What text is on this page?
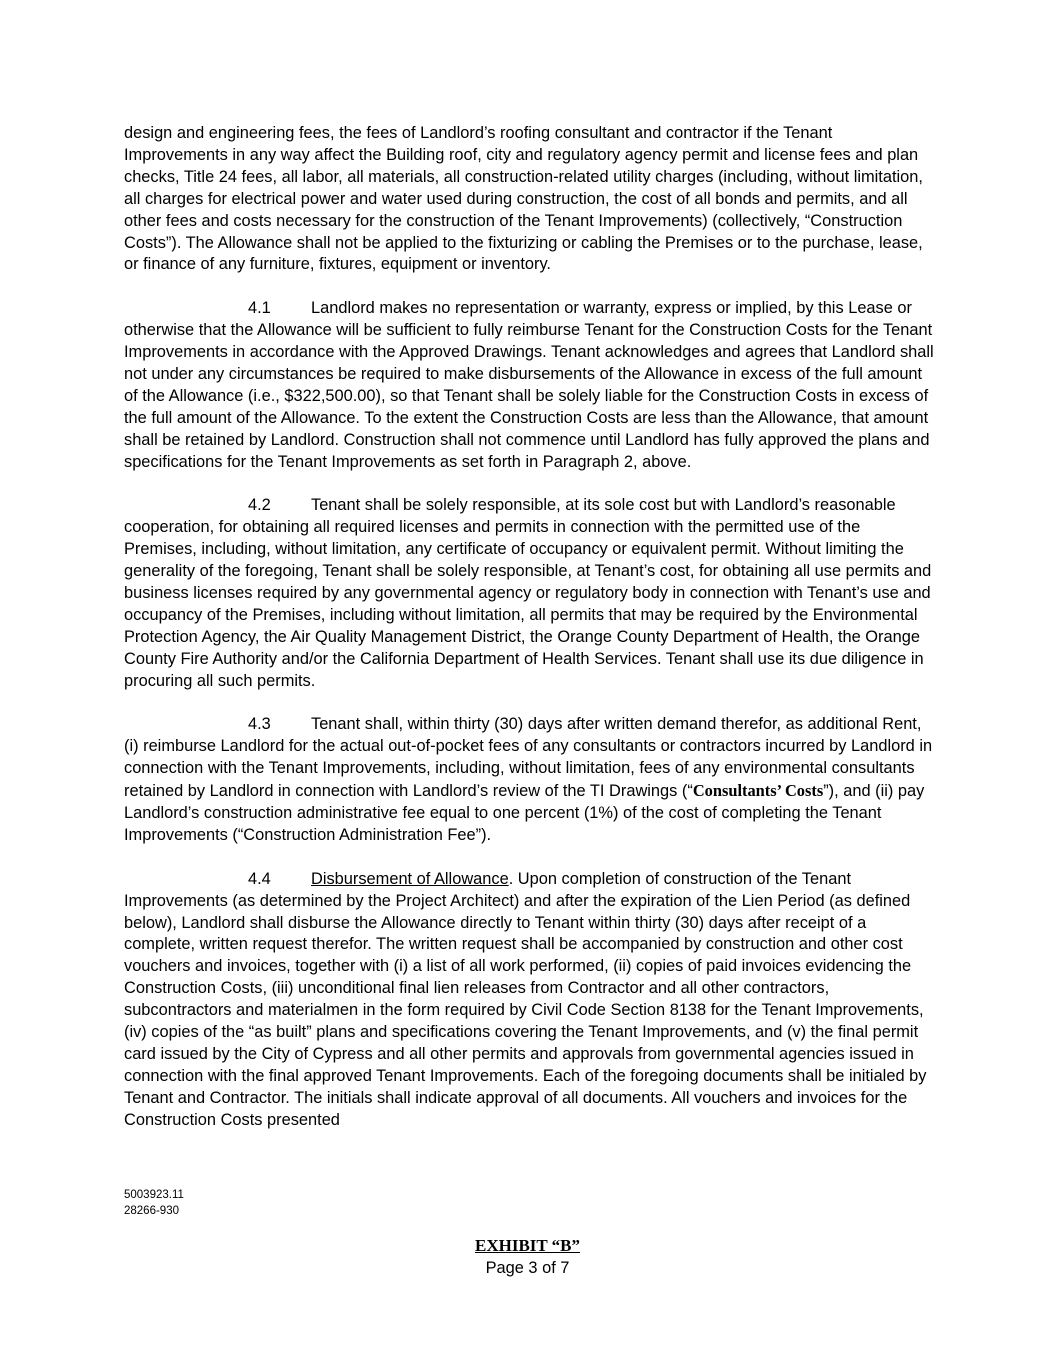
design and engineering fees, the fees of Landlord’s roofing consultant and contractor if the Tenant Improvements in any way affect the Building roof, city and regulatory agency permit and license fees and plan checks, Title 24 fees, all labor, all materials, all construction-related utility charges (including, without limitation, all charges for electrical power and water used during construction, the cost of all bonds and permits, and all other fees and costs necessary for the construction of the Tenant Improvements) (collectively, “Construction Costs”). The Allowance shall not be applied to the fixturizing or cabling the Premises or to the purchase, lease, or finance of any furniture, fixtures, equipment or inventory.

4.1 Landlord makes no representation or warranty, express or implied, by this Lease or otherwise that the Allowance will be sufficient to fully reimburse Tenant for the Construction Costs for the Tenant Improvements in accordance with the Approved Drawings. Tenant acknowledges and agrees that Landlord shall not under any circumstances be required to make disbursements of the Allowance in excess of the full amount of the Allowance (i.e., $322,500.00), so that Tenant shall be solely liable for the Construction Costs in excess of the full amount of the Allowance. To the extent the Construction Costs are less than the Allowance, that amount shall be retained by Landlord. Construction shall not commence until Landlord has fully approved the plans and specifications for the Tenant Improvements as set forth in Paragraph 2, above.

4.2 Tenant shall be solely responsible, at its sole cost but with Landlord’s reasonable cooperation, for obtaining all required licenses and permits in connection with the permitted use of the Premises, including, without limitation, any certificate of occupancy or equivalent permit. Without limiting the generality of the foregoing, Tenant shall be solely responsible, at Tenant’s cost, for obtaining all use permits and business licenses required by any governmental agency or regulatory body in connection with Tenant’s use and occupancy of the Premises, including without limitation, all permits that may be required by the Environmental Protection Agency, the Air Quality Management District, the Orange County Department of Health, the Orange County Fire Authority and/or the California Department of Health Services. Tenant shall use its due diligence in procuring all such permits.

4.3 Tenant shall, within thirty (30) days after written demand therefor, as additional Rent, (i) reimburse Landlord for the actual out-of-pocket fees of any consultants or contractors incurred by Landlord in connection with the Tenant Improvements, including, without limitation, fees of any environmental consultants retained by Landlord in connection with Landlord’s review of the TI Drawings (“Consultants’ Costs”), and (ii) pay Landlord’s construction administrative fee equal to one percent (1%) of the cost of completing the Tenant Improvements (“Construction Administration Fee”).

4.4 Disbursement of Allowance. Upon completion of construction of the Tenant Improvements (as determined by the Project Architect) and after the expiration of the Lien Period (as defined below), Landlord shall disburse the Allowance directly to Tenant within thirty (30) days after receipt of a complete, written request therefor. The written request shall be accompanied by construction and other cost vouchers and invoices, together with (i) a list of all work performed, (ii) copies of paid invoices evidencing the Construction Costs, (iii) unconditional final lien releases from Contractor and all other contractors, subcontractors and materialmen in the form required by Civil Code Section 8138 for the Tenant Improvements, (iv) copies of the “as built” plans and specifications covering the Tenant Improvements, and (v) the final permit card issued by the City of Cypress and all other permits and approvals from governmental agencies issued in connection with the final approved Tenant Improvements. Each of the foregoing documents shall be initialed by Tenant and Contractor. The initials shall indicate approval of all documents. All vouchers and invoices for the Construction Costs presented

5003923.11
28266-930
EXHIBIT “B”
Page 3 of 7
